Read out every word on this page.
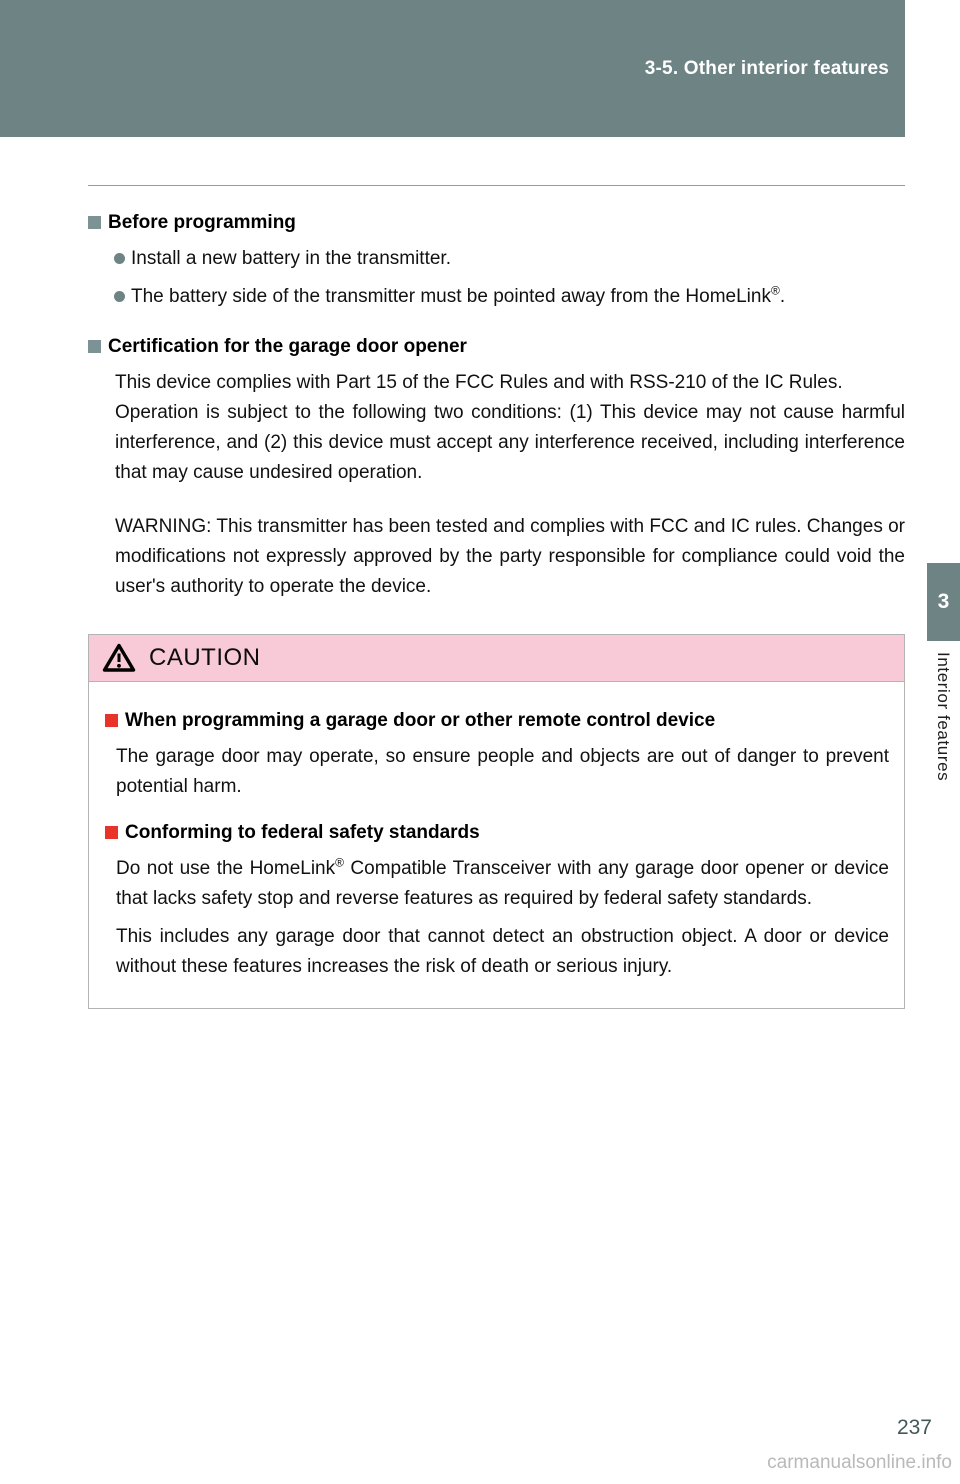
3-5. Other interior features
3
Interior features
Before programming

Install a new battery in the transmitter.

The battery side of the transmitter must be pointed away from the HomeLink®.

Certification for the garage door opener

This device complies with Part 15 of the FCC Rules and with RSS-210 of the IC Rules.

Operation is subject to the following two conditions: (1) This device may not cause harmful interference, and (2) this device must accept any interference received, including interference that may cause undesired operation.

WARNING: This transmitter has been tested and complies with FCC and IC rules. Changes or modifications not expressly approved by the party responsible for compliance could void the user's authority to operate the device.

CAUTION
When programming a garage door or other remote control device

The garage door may operate, so ensure people and objects are out of danger to prevent potential harm.

Conforming to federal safety standards

Do not use the HomeLink® Compatible Transceiver with any garage door opener or device that lacks safety stop and reverse features as required by federal safety standards.

This includes any garage door that cannot detect an obstruction object. A door or device without these features increases the risk of death or serious injury.

237
carmanualsonline.info
